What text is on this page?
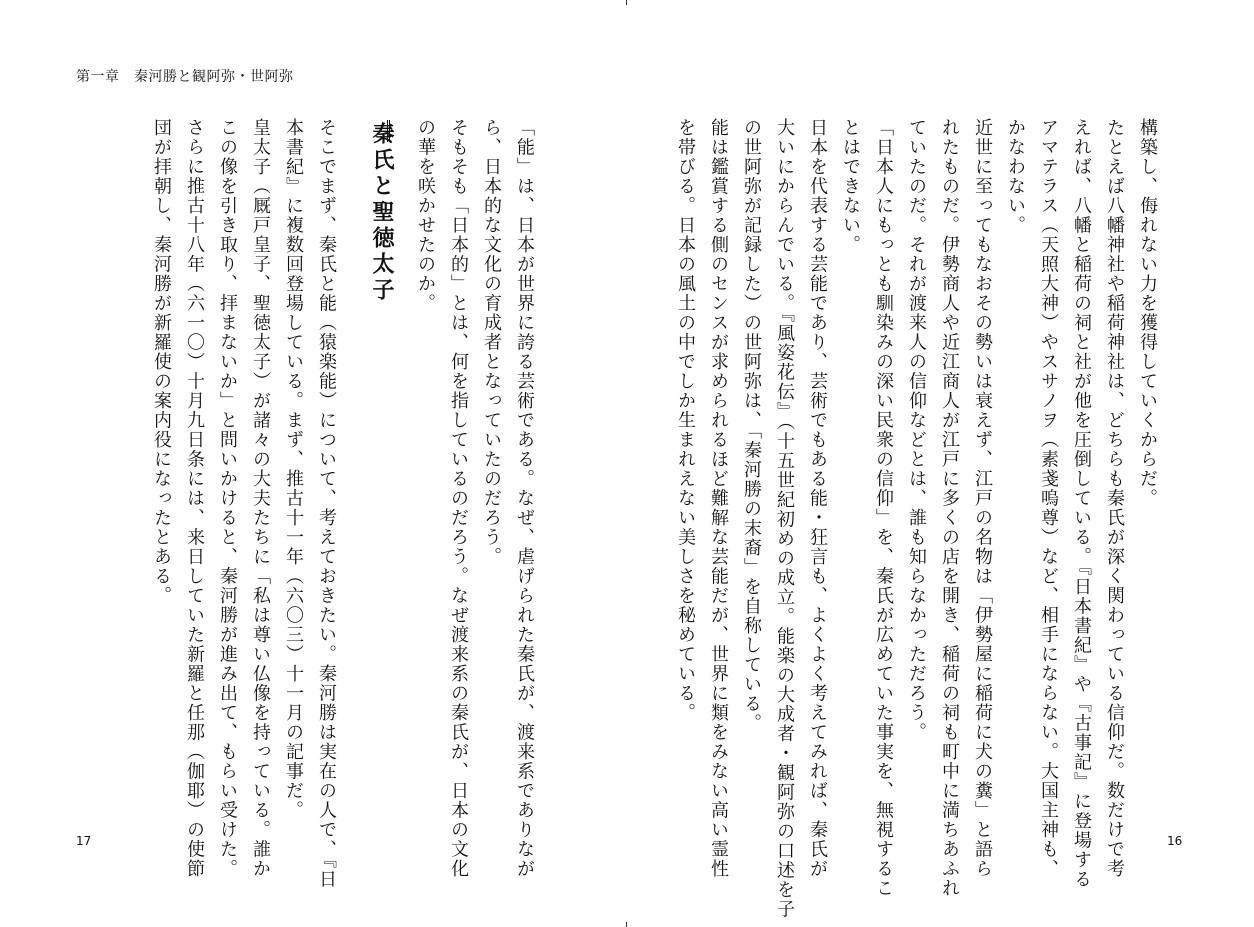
第一章　秦河勝と観阿弥・世阿弥

「能」は、日本が世界に誇る芸術である。なぜ、虐げられた秦氏が、渡来系でありなが

ら、日本的な文化の育成者となっていたのだろう。

そもそも「日本的」とは、何を指しているのだろう。なぜ渡来系の秦氏が、日本の文化

の華を咲かせたのか。

そこでまず、秦氏と能（猿楽能）について、考えておきたい。秦河勝は実在の人で、『日

本書紀』に複数回登場している。まず、推古十一年（六〇三）十一月の記事だ。

皇太子（厩戸皇子、聖徳太子）が諸々の大夫たちに「私は尊い仏像を持っている。誰か

この像を引き取り、拝まないか」と問いかけると、秦河勝が進み出て、もらい受けた。

さらに推古十八年（六一〇）十月九日条には、来日していた新羅と任那（伽耶）の使節

団が拝朝し、秦河勝が新羅使の案内役になったとある。	秦氏と聖徳太子
17

構築し、侮れない力を獲得していくからだ。

たとえば八幡神社や稲荷神社は、どちらも秦氏が深く関わっている信仰だ。数だけで考

えれば、八幡と稲荷の祠と社が他を圧倒している。『日本書紀』や『古事記』に登場する

アマテラス（天照大神）やスサノヲ（素戔嗚尊）など、相手にならない。大国主神も、

かなわない。

近世に至ってもなおその勢いは衰えず、江戸の名物は「伊勢屋に稲荷に犬の糞」と語ら

れたものだ。伊勢商人や近江商人が江戸に多くの店を開き、稲荷の祠も町中に満ちあふれ

ていたのだ。それが渡来人の信仰などとは、誰も知らなかっただろう。

「日本人にもっとも馴染みの深い民衆の信仰」を、秦氏が広めていた事実を、無視するこ

とはできない。

日本を代表する芸能であり、芸術でもある能・狂言も、よくよく考えてみれば、秦氏が

大いにからんでいる。『風姿花伝』（十五世紀初めの成立。能楽の大成者・観阿弥の口述を子

の世阿弥が記録した）の世阿弥は、「秦河勝の末裔」を自称している。

能は鑑賞する側のセンスが求められるほど難解な芸能だが、世界に類をみない高い霊性

を帯びる。日本の風土の中でしか生まれえない美しさを秘めている。

16
